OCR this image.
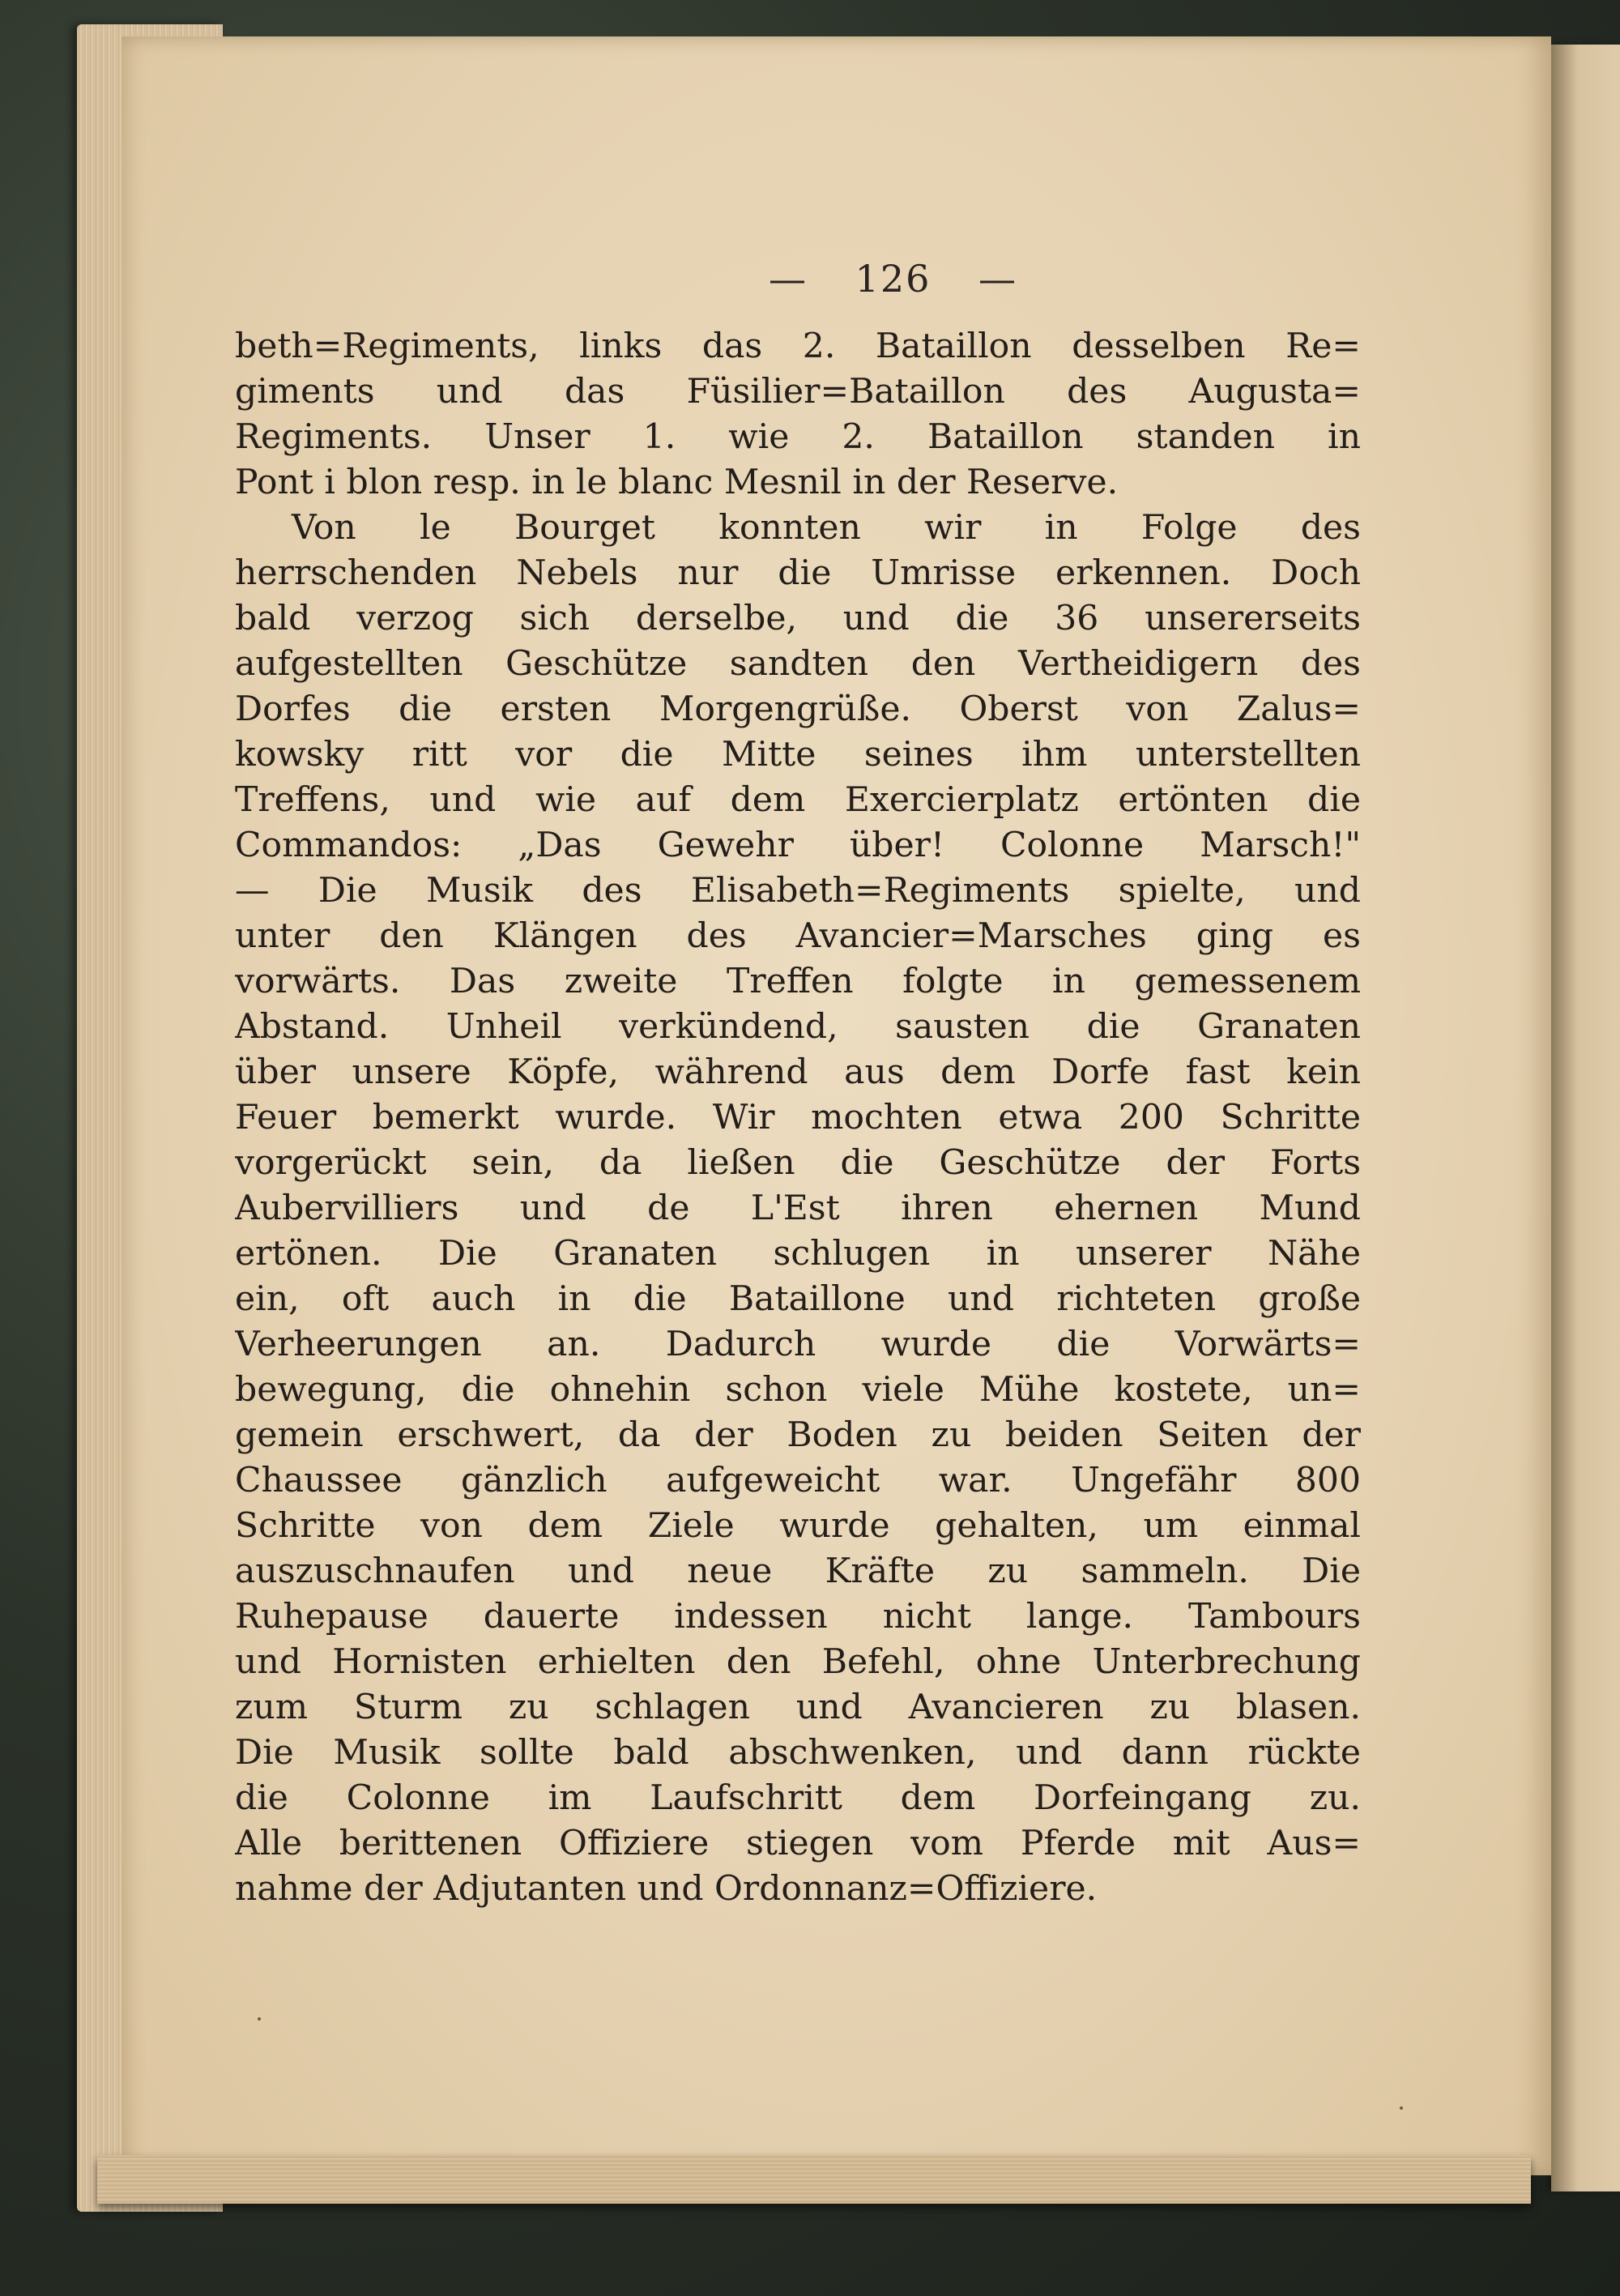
— 126 —
beth=Regiments, links das 2. Bataillon desselben Re=
giments und das Füsilier=Bataillon des Augusta=
Regiments. Unser 1. wie 2. Bataillon standen in
Pont i blon resp. in le blanc Mesnil in der Reserve.
Von le Bourget konnten wir in Folge des
herrschenden Nebels nur die Umrisse erkennen. Doch
bald verzog sich derselbe, und die 36 unsererseits
aufgestellten Geschütze sandten den Vertheidigern des
Dorfes die ersten Morgengrüße. Oberst von Zalus=
kowsky ritt vor die Mitte seines ihm unterstellten
Treffens, und wie auf dem Exercierplatz ertönten die
Commandos: „Das Gewehr über! Colonne Marsch!"
— Die Musik des Elisabeth=Regiments spielte, und
unter den Klängen des Avancier=Marsches ging es
vorwärts. Das zweite Treffen folgte in gemessenem
Abstand. Unheil verkündend, sausten die Granaten
über unsere Köpfe, während aus dem Dorfe fast kein
Feuer bemerkt wurde. Wir mochten etwa 200 Schritte
vorgerückt sein, da ließen die Geschütze der Forts
Aubervilliers und de L'Est ihren ehernen Mund
ertönen. Die Granaten schlugen in unserer Nähe
ein, oft auch in die Bataillone und richteten große
Verheerungen an. Dadurch wurde die Vorwärts=
bewegung, die ohnehin schon viele Mühe kostete, un=
gemein erschwert, da der Boden zu beiden Seiten der
Chaussee gänzlich aufgeweicht war. Ungefähr 800
Schritte von dem Ziele wurde gehalten, um einmal
auszuschnaufen und neue Kräfte zu sammeln. Die
Ruhepause dauerte indessen nicht lange. Tambours
und Hornisten erhielten den Befehl, ohne Unterbrechung
zum Sturm zu schlagen und Avancieren zu blasen.
Die Musik sollte bald abschwenken, und dann rückte
die Colonne im Laufschritt dem Dorfeingang zu.
Alle berittenen Offiziere stiegen vom Pferde mit Aus=
nahme der Adjutanten und Ordonnanz=Offiziere.
